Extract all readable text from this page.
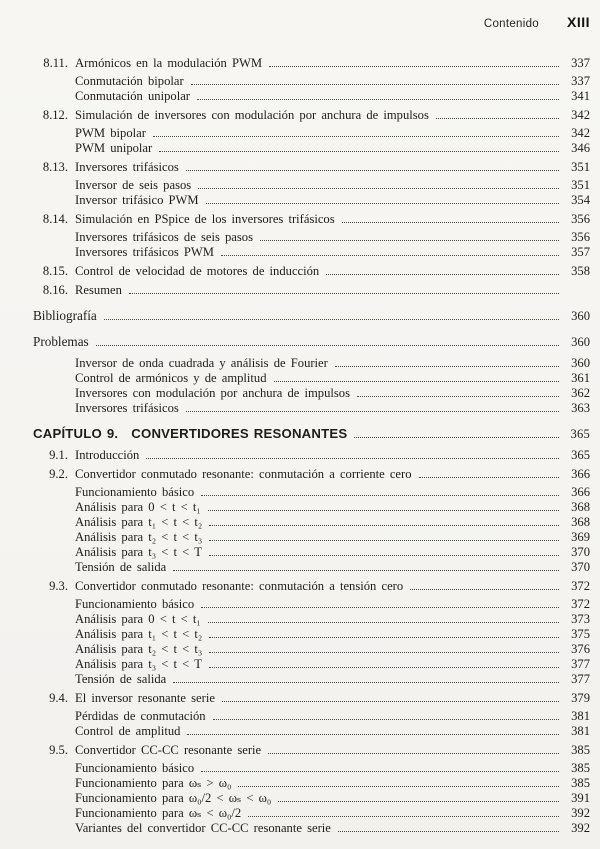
Contenido XIII
8.11. Armónicos en la modulación PWM	337
Conmutación bipolar	337
Conmutación unipolar	341
8.12. Simulación de inversores con modulación por anchura de impulsos	342
PWM bipolar	342
PWM unipolar	346
8.13. Inversores trifásicos	351
Inversor de seis pasos	351
Inversor trifásico PWM	354
8.14. Simulación en PSpice de los inversores trifásicos	356
Inversores trifásicos de seis pasos	356
Inversores trifásicos PWM	357
8.15. Control de velocidad de motores de inducción	358
8.16. Resumen
Bibliografía	360
Problemas	360
Inversor de onda cuadrada y análisis de Fourier	360
Control de armónicos y de amplitud	361
Inversores con modulación por anchura de impulsos	362
Inversores trifásicos	363
CAPÍTULO 9. CONVERTIDORES RESONANTES	365
9.1. Introducción	365
9.2. Convertidor conmutado resonante: conmutación a corriente cero	366
Funcionamiento básico	366
Análisis para 0 < t < t₁	368
Análisis para t₁ < t < t₂	368
Análisis para t₂ < t < t₃	369
Análisis para t₃ < t < T	370
Tensión de salida	370
9.3. Convertidor conmutado resonante: conmutación a tensión cero	372
Funcionamiento básico	372
Análisis para 0 < t < t₁	373
Análisis para t₁ < t < t₂	375
Análisis para t₂ < t < t₃	376
Análisis para t₃ < t < T	377
Tensión de salida	377
9.4. El inversor resonante serie	379
Pérdidas de conmutación	381
Control de amplitud	381
9.5. Convertidor CC-CC resonante serie	385
Funcionamiento básico	385
Funcionamiento para ωₛ > ω₀	385
Funcionamiento para ω₀/2 < ωₛ < ω₀	391
Funcionamiento para ωₛ < ω₀/2	392
Variantes del convertidor CC-CC resonante serie	392
